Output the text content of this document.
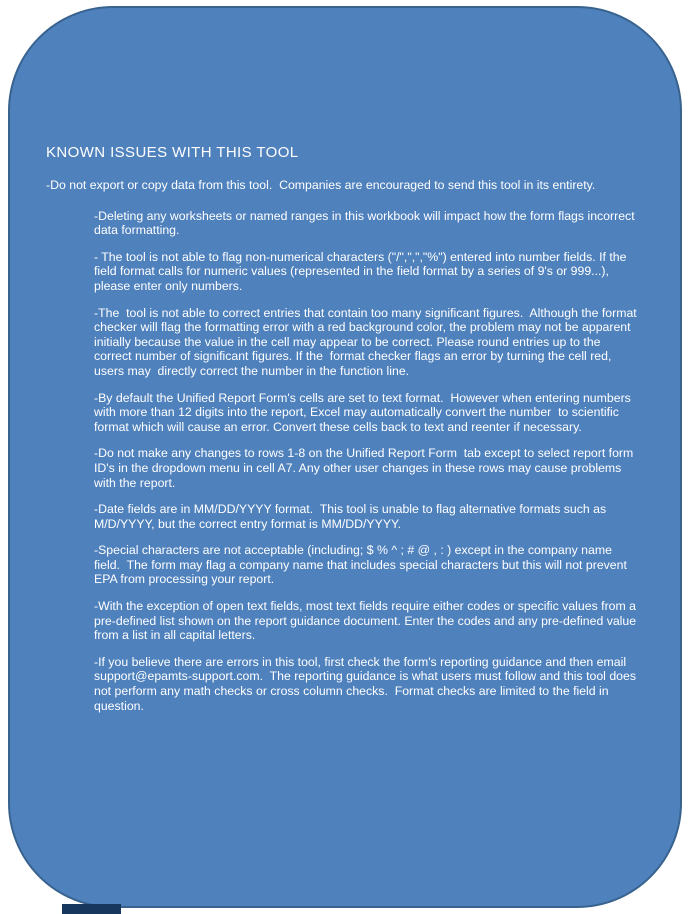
KNOWN ISSUES WITH THIS TOOL

-Do not export or copy data from this tool.  Companies are encouraged to send this tool in its entirety.

-Deleting any worksheets or named ranges in this workbook will impact how the form flags incorrect data formatting.

- The tool is not able to flag non-numerical characters ("/",",","%") entered into number fields. If the field format calls for numeric values (represented in the field format by a series of 9's or 999...), please enter only numbers.

-The  tool is not able to correct entries that contain too many significant figures.  Although the format checker will flag the formatting error with a red background color, the problem may not be apparent initially because the value in the cell may appear to be correct. Please round entries up to the correct number of significant figures. If the  format checker flags an error by turning the cell red, users may  directly correct the number in the function line.

-By default the Unified Report Form's cells are set to text format.  However when entering numbers with more than 12 digits into the report, Excel may automatically convert the number  to scientific format which will cause an error. Convert these cells back to text and reenter if necessary.

-Do not make any changes to rows 1-8 on the Unified Report Form  tab except to select report form ID's in the dropdown menu in cell A7. Any other user changes in these rows may cause problems with the report.

-Date fields are in MM/DD/YYYY format.  This tool is unable to flag alternative formats such as M/D/YYYY, but the correct entry format is MM/DD/YYYY.

-Special characters are not acceptable (including; $ % ^ ; # @ , : ) except in the company name field.  The form may flag a company name that includes special characters but this will not prevent EPA from processing your report.

-With the exception of open text fields, most text fields require either codes or specific values from a pre-defined list shown on the report guidance document. Enter the codes and any pre-defined value from a list in all capital letters.

-If you believe there are errors in this tool, first check the form's reporting guidance and then email  support@epamts-support.com.  The reporting guidance is what users must follow and this tool does not perform any math checks or cross column checks.  Format checks are limited to the field in question.
